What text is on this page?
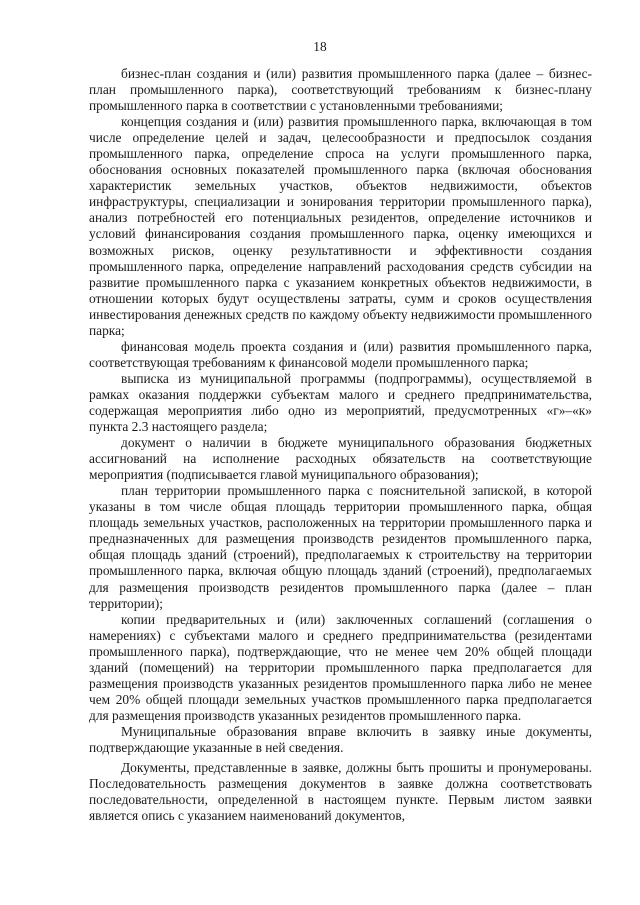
18

бизнес-план создания и (или) развития промышленного парка (далее – бизнес-план промышленного парка), соответствующий требованиям к бизнес-плану промышленного парка в соответствии с установленными требованиями;

концепция создания и (или) развития промышленного парка, включающая в том числе определение целей и задач, целесообразности и предпосылок создания промышленного парка, определение спроса на услуги промышленного парка, обоснования основных показателей промышленного парка (включая обоснования характеристик земельных участков, объектов недвижимости, объектов инфраструктуры, специализации и зонирования территории промышленного парка), анализ потребностей его потенциальных резидентов, определение источников и условий финансирования создания промышленного парка, оценку имеющихся и возможных рисков, оценку результативности и эффективности создания промышленного парка, определение направлений расходования средств субсидии на развитие промышленного парка с указанием конкретных объектов недвижимости, в отношении которых будут осуществлены затраты, сумм и сроков осуществления инвестирования денежных средств по каждому объекту недвижимости промышленного парка;

финансовая модель проекта создания и (или) развития промышленного парка, соответствующая требованиям к финансовой модели промышленного парка;

выписка из муниципальной программы (подпрограммы), осуществляемой в рамках оказания поддержки субъектам малого и среднего предпринимательства, содержащая мероприятия либо одно из мероприятий, предусмотренных «г»–«к» пункта 2.3 настоящего раздела;

документ о наличии в бюджете муниципального образования бюджетных ассигнований на исполнение расходных обязательств на соответствующие мероприятия (подписывается главой муниципального образования);

план территории промышленного парка с пояснительной запиской, в которой указаны в том числе общая площадь территории промышленного парка, общая площадь земельных участков, расположенных на территории промышленного парка и предназначенных для размещения производств резидентов промышленного парка, общая площадь зданий (строений), предполагаемых к строительству на территории промышленного парка, включая общую площадь зданий (строений), предполагаемых для размещения производств резидентов промышленного парка (далее – план территории);

копии предварительных и (или) заключенных соглашений (соглашения о намерениях) с субъектами малого и среднего предпринимательства (резидентами промышленного парка), подтверждающие, что не менее чем 20% общей площади зданий (помещений) на территории промышленного парка предполагается для размещения производств указанных резидентов промышленного парка либо не менее чем 20% общей площади земельных участков промышленного парка предполагается для размещения производств указанных резидентов промышленного парка.

Муниципальные образования вправе включить в заявку иные документы, подтверждающие указанные в ней сведения.

Документы, представленные в заявке, должны быть прошиты и пронумерованы. Последовательность размещения документов в заявке должна соответствовать последовательности, определенной в настоящем пункте. Первым листом заявки является опись с указанием наименований документов,
